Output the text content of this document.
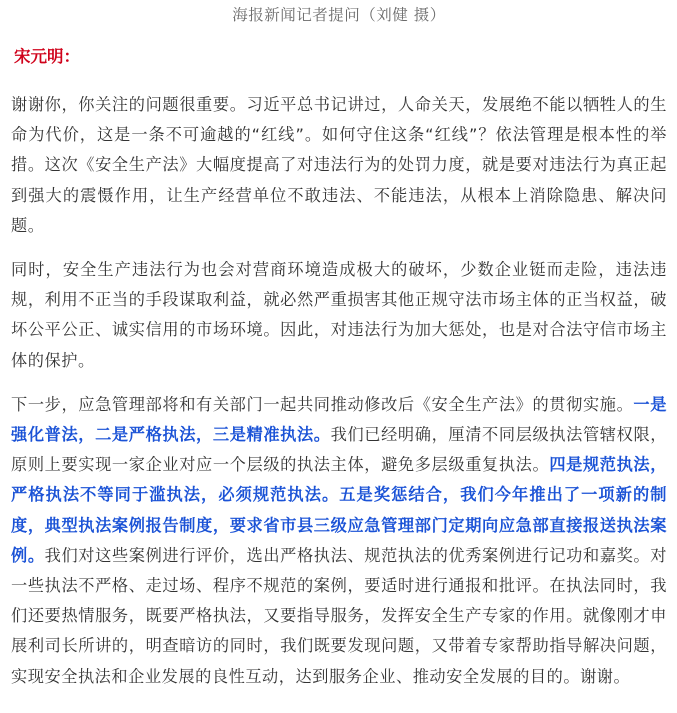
海报新闻记者提问（刘健 摄）
宋元明：

谢谢你，你关注的问题很重要。习近平总书记讲过，人命关天，发展绝不能以牺牲人的生命为代价，这是一条不可逾越的“红线”。如何守住这条“红线”？依法管理是根本性的举措。这次《安全生产法》大幅度提高了对违法行为的处罚力度，就是要对违法行为真正起到强大的震慑作用，让生产经营单位不敢违法、不能违法，从根本上消除隐患、解决问题。

同时，安全生产违法行为也会对营商环境造成极大的破坏，少数企业铤而走险，违法违规，利用不正当的手段谋取利益，就必然严重损害其他正规守法市场主体的正当权益，破坏公平公正、诚实信用的市场环境。因此，对违法行为加大惩处，也是对合法守信市场主体的保护。

下一步，应急管理部将和有关部门一起共同推动修改后《安全生产法》的贯彻实施。一是强化普法，二是严格执法，三是精准执法。我们已经明确，厘清不同层级执法管辖权限，原则上要实现一家企业对应一个层级的执法主体，避免多层级重复执法。四是规范执法，严格执法不等同于滥执法，必须规范执法。五是奖惩结合，我们今年推出了一项新的制度，典型执法案例报告制度，要求省市县三级应急管理部门定期向应急部直接报送执法案例。我们对这些案例进行评价，选出严格执法、规范执法的优秀案例进行记功和嘉奖。对一些执法不严格、走过场、程序不规范的案例，要适时进行通报和批评。在执法同时，我们还要热情服务，既要严格执法，又要指导服务，发挥安全生产专家的作用。就像刚才申展利司长所讲的，明查暗访的同时，我们既要发现问题，又带着专家帮助指导解决问题，实现安全执法和企业发展的良性互动，达到服务企业、推动安全发展的目的。谢谢。
